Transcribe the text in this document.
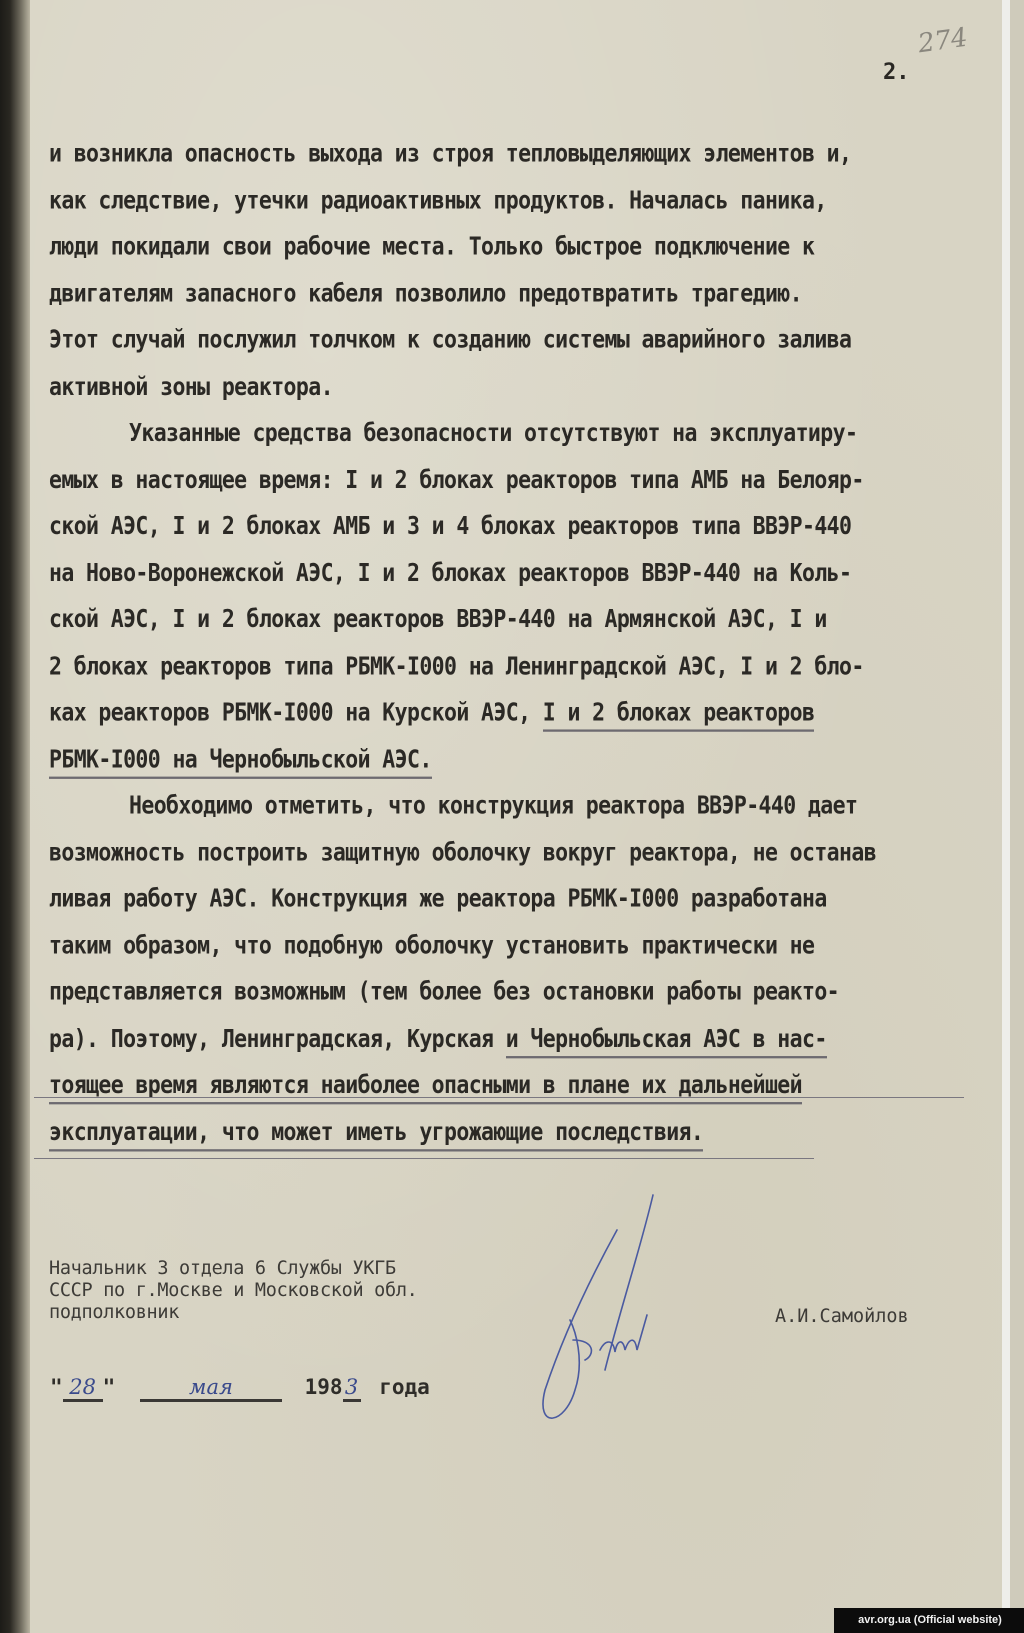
274
2.
и возникла опасность выхода из строя тепловыделяющих элементов и,
как следствие, утечки радиоактивных продуктов. Началась паника,
люди покидали свои рабочие места. Только быстрое подключение к
двигателям запасного кабеля позволило предотвратить трагедию.
Этот случай послужил толчком к созданию системы аварийного залива
активной зоны реактора.
Указанные средства безопасности отсутствуют на эксплуатиру-
емых в настоящее время: I и 2 блоках реакторов типа АМБ на Белояр-
ской АЭС, I и 2 блоках АМБ и 3 и 4 блоках реакторов типа ВВЭР-440
на Ново-Воронежской АЭС, I и 2 блоках реакторов ВВЭР-440 на Коль-
ской АЭС, I и 2 блоках реакторов ВВЭР-440 на Армянской АЭС, I и
2 блоках реакторов типа РБМК-I000 на Ленинградской АЭС, I и 2 бло-
ках реакторов РБМК-I000 на Курской АЭС, I и 2 блоках реакторов
РБМК-I000 на Чернобыльской АЭС.
Необходимо отметить, что конструкция реактора ВВЭР-440 дает
возможность построить защитную оболочку вокруг реактора, не останав
ливая работу АЭС. Конструкция же реактора РБМК-I000 разработана
таким образом, что подобную оболочку установить практически не
представляется возможным (тем более без остановки работы реакто-
ра). Поэтому, Ленинградская, Курская и Чернобыльская АЭС в нас-
тоящее время являются наиболее опасными в плане их дальнейшей
эксплуатации, что может иметь угрожающие последствия.
Начальник 3 отдела 6 Службы УКГБ
СССР по г.Москве и Московской обл.
подполковник	А.И.Самойлов
" 28 "	мая	198 3 года
avr.org.ua (Official website)
